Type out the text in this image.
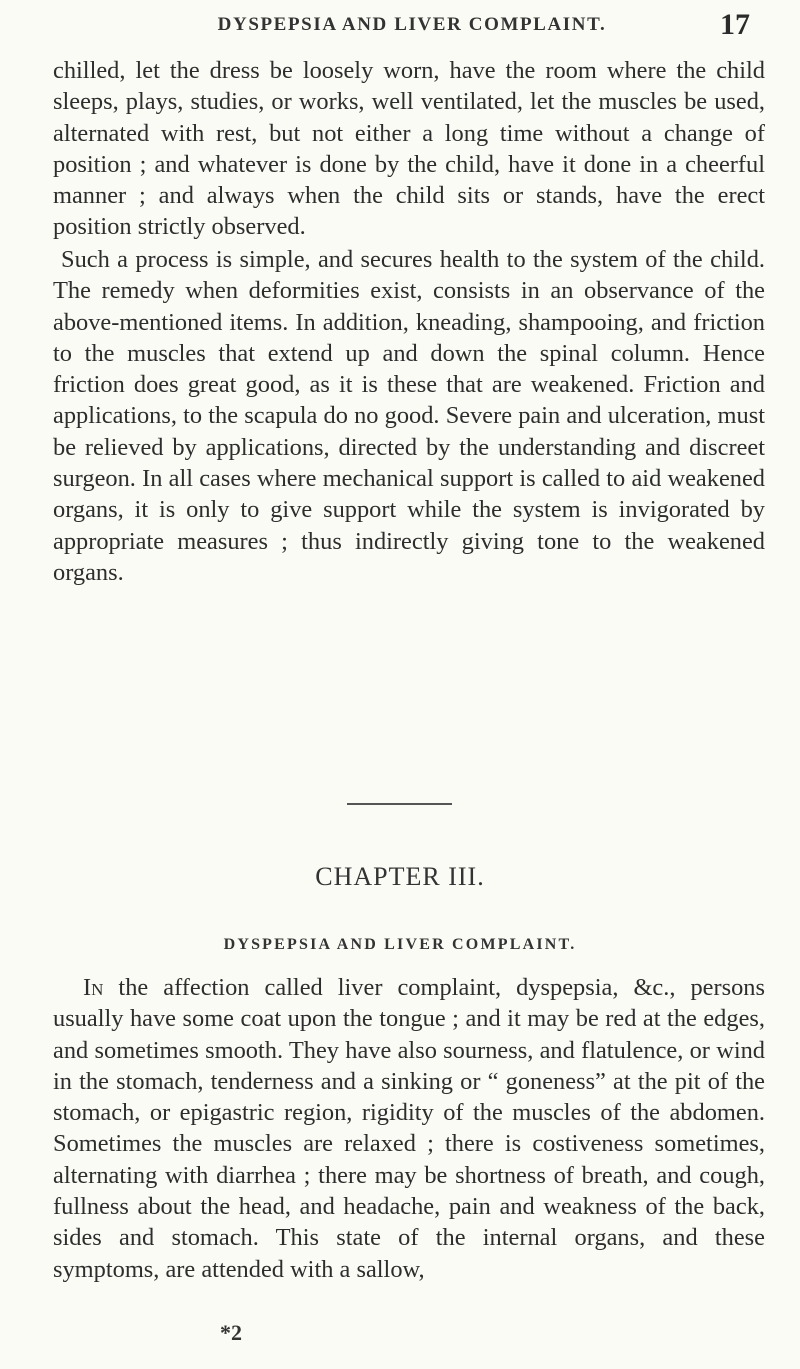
DYSPEPSIA AND LIVER COMPLAINT.	17

chilled, let the dress be loosely worn, have the room where the child sleeps, plays, studies, or works, well ventilated, let the muscles be used, alternated with rest, but not either a long time without a change of position ; and whatever is done by the child, have it done in a cheerful manner ; and always when the child sits or stands, have the erect position strictly observed.

Such a process is simple, and secures health to the system of the child. The remedy when deformities exist, consists in an observance of the above-mentioned items. In addition, kneading, shampooing, and friction to the muscles that extend up and down the spinal column. Hence friction does great good, as it is these that are weakened. Friction and applications, to the scapula do no good. Severe pain and ulceration, must be relieved by applications, directed by the understanding and discreet surgeon. In all cases where mechanical support is called to aid weakened organs, it is only to give support while the system is invigorated by appropriate measures ; thus indirectly giving tone to the weakened organs.

CHAPTER III.
DYSPEPSIA AND LIVER COMPLAINT.

In the affection called liver complaint, dyspepsia, &c., persons usually have some coat upon the tongue ; and it may be red at the edges, and sometimes smooth. They have also sourness, and flatulence, or wind in the stomach, tenderness and a sinking or “ goneness” at the pit of the stomach, or epigastric region, rigidity of the muscles of the abdomen. Sometimes the muscles are relaxed ; there is costiveness sometimes, alternating with diarrhea ; there may be shortness of breath, and cough, fullness about the head, and headache, pain and weakness of the back, sides and stomach. This state of the internal organs, and these symptoms, are attended with a sallow,

*2
